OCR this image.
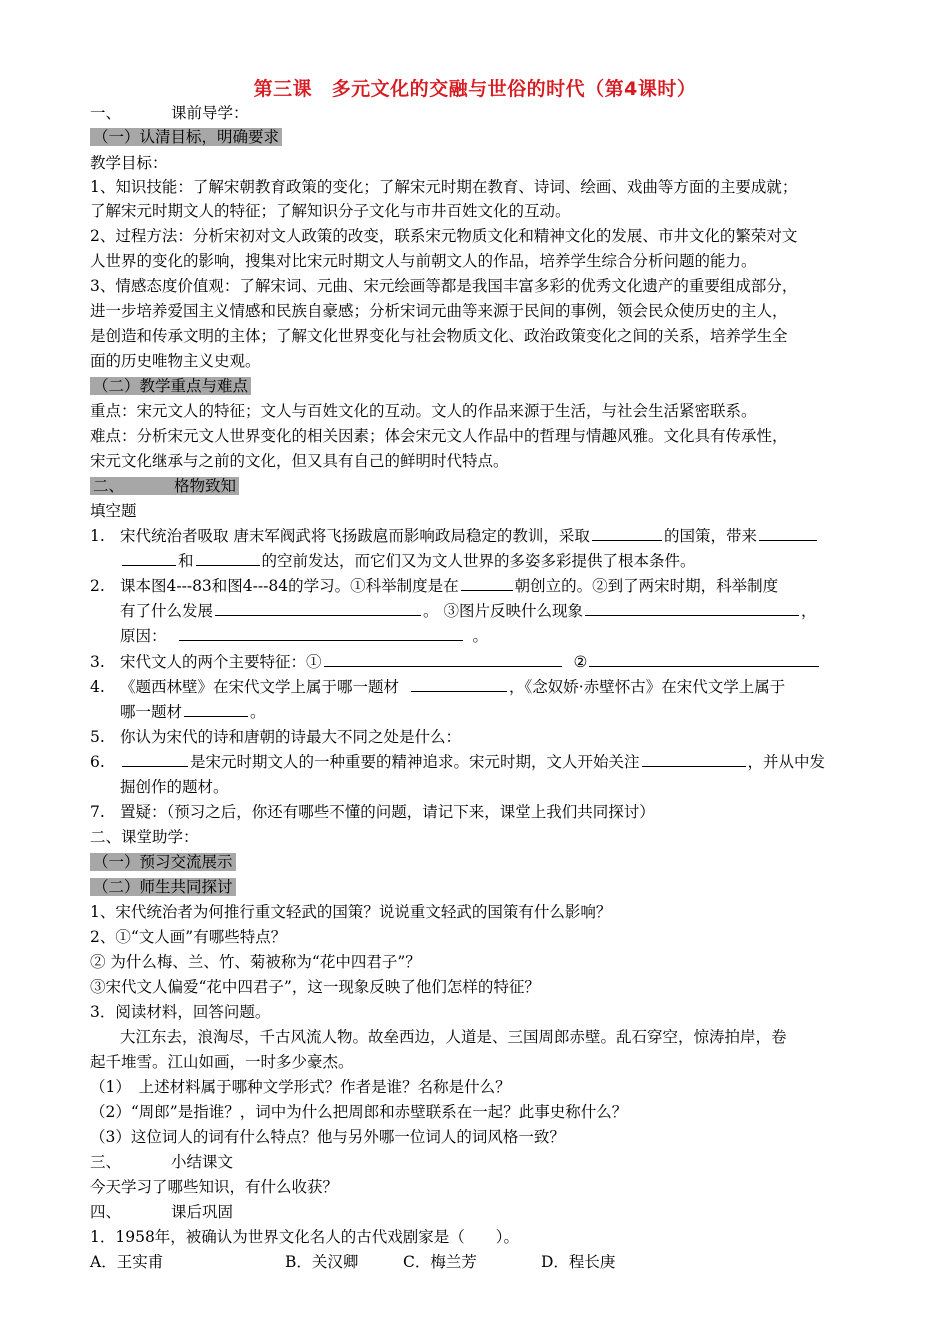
第三课　多元文化的交融与世俗的时代（第4课时）
一、	课前导学：
（一）认清目标，明确要求
教学目标：
1、知识技能：了解宋朝教育政策的变化；了解宋元时期在教育、诗词、绘画、戏曲等方面的主要成就；
了解宋元时期文人的特征；了解知识分子文化与市井百姓文化的互动。
2、过程方法：分析宋初对文人政策的改变，联系宋元物质文化和精神文化的发展、市井文化的繁荣对文
人世界的变化的影响，搜集对比宋元时期文人与前朝文人的作品，培养学生综合分析问题的能力。
3、情感态度价值观：了解宋词、元曲、宋元绘画等都是我国丰富多彩的优秀文化遗产的重要组成部分，
进一步培养爱国主义情感和民族自豪感；分析宋词元曲等来源于民间的事例，领会民众使历史的主人，
是创造和传承文明的主体；了解文化世界变化与社会物质文化、政治政策变化之间的关系，培养学生全
面的历史唯物主义史观。
（二）教学重点与难点
重点：宋元文人的特征；文人与百姓文化的互动。文人的作品来源于生活，与社会生活紧密联系。
难点：分析宋元文人世界变化的相关因素；体会宋元文人作品中的哲理与情趣风雅。文化具有传承性，
宋元文化继承与之前的文化，但又具有自己的鲜明时代特点。
二、	格物致知
填空题
1. 宋代统治者吸取 唐末军阀武将飞扬跋扈而影响政局稳定的教训，采取	的国策，带来
和	的空前发达，而它们又为文人世界的多姿多彩提供了根本条件。
2. 课本图4---83和图4---84的学习。①科举制度是在	朝创立的。②到了两宋时期，科举制度
有了什么发展	。 ③图片反映什么现象	，
原因：	。
3. 宋代文人的两个主要特征：①	②
4. 《题西林壁》在宋代文学上属于哪一题材	，《念奴娇·赤壁怀古》在宋代文学上属于
哪一题材	。
5. 你认为宋代的诗和唐朝的诗最大不同之处是什么：
6.	是宋元时期文人的一种重要的精神追求。宋元时期，文人开始关注	，并从中发
掘创作的题材。
7. 置疑：（预习之后，你还有哪些不懂的问题，请记下来，课堂上我们共同探讨）
二、课堂助学：
（一）预习交流展示
（二）师生共同探讨
1、宋代统治者为何推行重文轻武的国策？说说重文轻武的国策有什么影响？
2、①“文人画”有哪些特点？
② 为什么梅、兰、竹、菊被称为“花中四君子”？
③宋代文人偏爱“花中四君子”，这一现象反映了他们怎样的特征？
3．阅读材料，回答问题。
大江东去，浪淘尽，千古风流人物。故垒西边，人道是、三国周郎赤壁。乱石穿空，惊涛拍岸，卷
起千堆雪。江山如画，一时多少豪杰。
（1）　上述材料属于哪种文学形式？作者是谁？名称是什么？
（2）“周郎”是指谁？，词中为什么把周郎和赤壁联系在一起？此事史称什么？
（3）这位词人的词有什么特点？他与另外哪一位词人的词风格一致？
三、	小结课文
今天学习了哪些知识，有什么收获？
四、	课后巩固
1．1958年，被确认为世界文化名人的古代戏剧家是（　　）。
A．王实甫	B．关汉卿	C．梅兰芳	D．程长庚
